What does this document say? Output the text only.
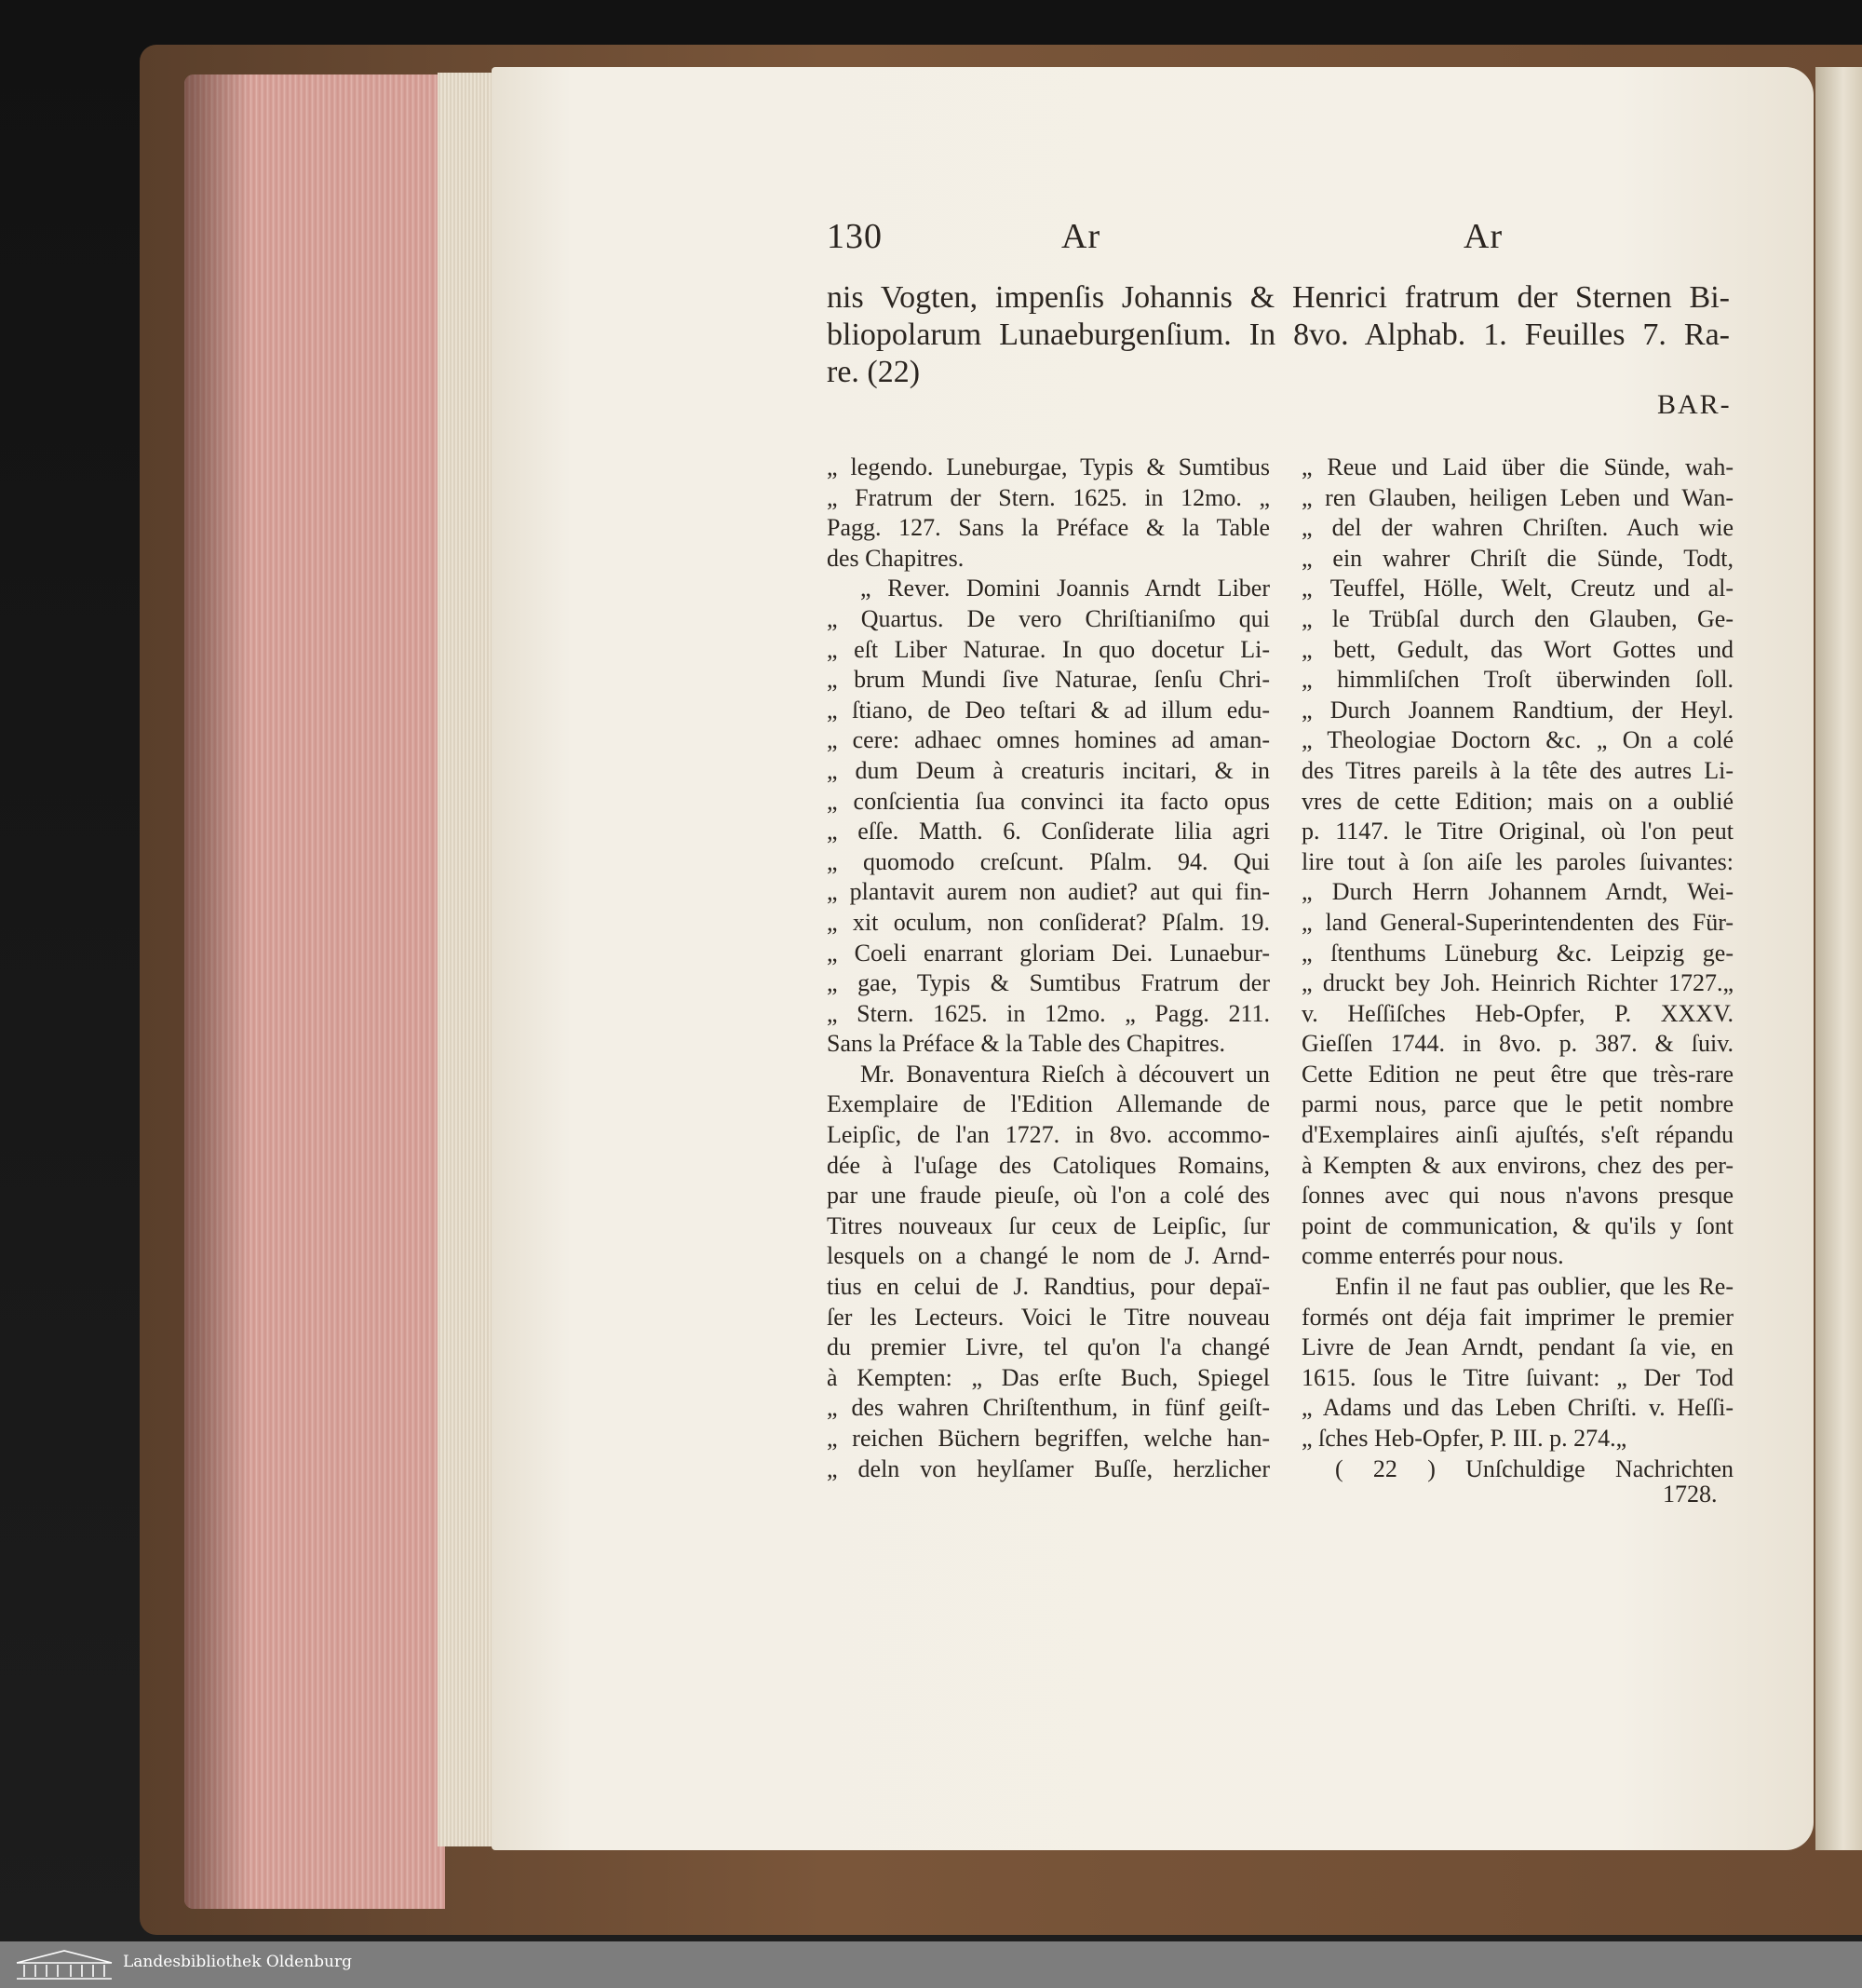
130	Ar	Ar
nis Vogten, impenſis Johannis & Henrici fratrum der Sternen Bi-
bliopolarum Lunaeburgenſium. In 8vo. Alphab. 1. Feuilles 7. Ra-
re. (22)
BAR-
„ legendo. Luneburgae, Typis & Sumtibus
„ Fratrum der Stern. 1625. in 12mo. „
Pagg. 127. Sans la Préface & la Table
des Chapitres.
„ Rever. Domini Joannis Arndt Liber
„ Quartus. De vero Chriſtianiſmo qui
„ eſt Liber Naturae. In quo docetur Li-
„ brum Mundi ſive Naturae, ſenſu Chri-
„ ſtiano, de Deo teſtari & ad illum edu-
„ cere: adhaec omnes homines ad aman-
„ dum Deum à creaturis incitari, & in
„ conſcientia ſua convinci ita facto opus
„ eſſe. Matth. 6. Conſiderate lilia agri
„ quomodo creſcunt. Pſalm. 94. Qui
„ plantavit aurem non audiet? aut qui fin-
„ xit oculum, non conſiderat? Pſalm. 19.
„ Coeli enarrant gloriam Dei. Lunaebur-
„ gae, Typis & Sumtibus Fratrum der
„ Stern. 1625. in 12mo. „ Pagg. 211.
Sans la Préface & la Table des Chapitres.
Mr. Bonaventura Rieſch à découvert un
Exemplaire de l'Edition Allemande de
Leipſic, de l'an 1727. in 8vo. accommo-
dée à l'uſage des Catoliques Romains,
par une fraude pieuſe, où l'on a colé des
Titres nouveaux ſur ceux de Leipſic, ſur
lesquels on a changé le nom de J. Arnd-
tius en celui de J. Randtius, pour depaï-
ſer les Lecteurs. Voici le Titre nouveau
du premier Livre, tel qu'on l'a changé
à Kempten: „ Das erſte Buch, Spiegel
„ des wahren Chriſtenthum, in fünf geiſt-
„ reichen Büchern begriffen, welche han-
„ deln von heylſamer Buſſe, herzlicher
„ Reue und Laid über die Sünde, wah-
„ ren Glauben, heiligen Leben und Wan-
„ del der wahren Chriſten. Auch wie
„ ein wahrer Chriſt die Sünde, Todt,
„ Teuffel, Hölle, Welt, Creutz und al-
„ le Trübſal durch den Glauben, Ge-
„ bett, Gedult, das Wort Gottes und
„ himmliſchen Troſt überwinden ſoll.
„ Durch Joannem Randtium, der Heyl.
„ Theologiae Doctorn &c. „ On a colé
des Titres pareils à la tête des autres Li-
vres de cette Edition; mais on a oublié
p. 1147. le Titre Original, où l'on peut
lire tout à ſon aiſe les paroles ſuivantes:
„ Durch Herrn Johannem Arndt, Wei-
„ land General-Superintendenten des Für-
„ ſtenthums Lüneburg &c. Leipzig ge-
„ druckt bey Joh. Heinrich Richter 1727.„
v. Heſſiſches Heb-Opfer, P. XXXV.
Gieſſen 1744. in 8vo. p. 387. & ſuiv.
Cette Edition ne peut être que très-rare
parmi nous, parce que le petit nombre
d'Exemplaires ainſi ajuſtés, s'eſt répandu
à Kempten & aux environs, chez des per-
ſonnes avec qui nous n'avons presque
point de communication, & qu'ils y ſont
comme enterrés pour nous.
Enfin il ne faut pas oublier, que les Re-
formés ont déja fait imprimer le premier
Livre de Jean Arndt, pendant ſa vie, en
1615. ſous le Titre ſuivant: „ Der Tod
„ Adams und das Leben Chriſti. v. Heſſi-
„ ſches Heb-Opfer, P. III. p. 274.„
( 22 ) Unſchuldige Nachrichten
1728.
Landesbibliothek Oldenburg
